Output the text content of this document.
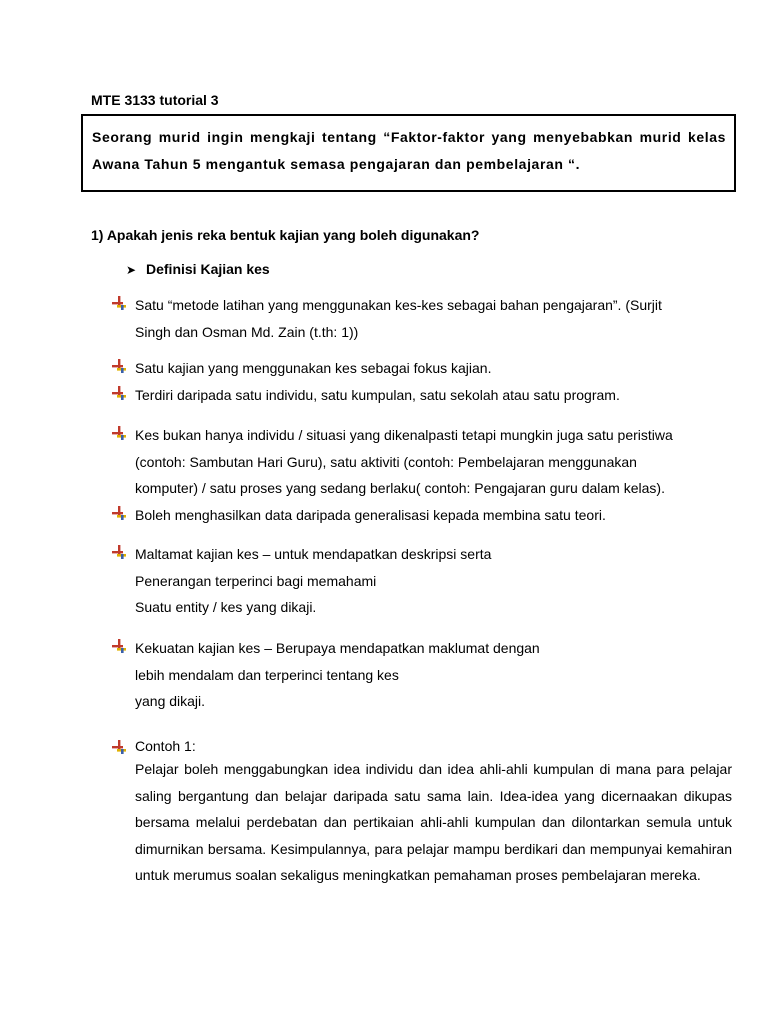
MTE 3133 tutorial 3

Seorang murid ingin mengkaji tentang “Faktor-faktor yang menyebabkan murid kelas Awana Tahun 5 mengantuk semasa pengajaran dan pembelajaran “.

1) Apakah jenis reka bentuk kajian yang boleh digunakan?
➤ Definisi Kajian kes
Satu “metode latihan yang menggunakan kes-kes sebagai bahan pengajaran”. (Surjit
Singh dan Osman Md. Zain (t.th: 1))
Satu kajian yang menggunakan kes sebagai fokus kajian.
Terdiri daripada satu individu, satu kumpulan, satu sekolah atau satu program.
Kes bukan hanya individu / situasi yang dikenalpasti tetapi mungkin juga satu peristiwa
(contoh: Sambutan Hari Guru), satu aktiviti (contoh: Pembelajaran menggunakan
komputer) / satu proses yang sedang berlaku( contoh: Pengajaran guru dalam kelas).
Boleh menghasilkan data daripada generalisasi kepada membina satu teori.
Maltamat kajian kes – untuk mendapatkan deskripsi serta
Penerangan terperinci bagi memahami
Suatu entity / kes yang dikaji.
Kekuatan kajian kes – Berupaya mendapatkan maklumat dengan
lebih mendalam dan terperinci tentang kes
yang dikaji.
Contoh 1:
Pelajar boleh menggabungkan idea individu dan idea ahli-ahli kumpulan di mana para pelajar saling bergantung dan belajar daripada satu sama lain. Idea-idea yang dicernaakan dikupas bersama melalui perdebatan dan pertikaian ahli-ahli kumpulan dan dilontarkan semula untuk dimurnikan bersama. Kesimpulannya, para pelajar mampu berdikari dan mempunyai kemahiran untuk merumus soalan sekaligus meningkatkan pemahaman proses pembelajaran mereka.
